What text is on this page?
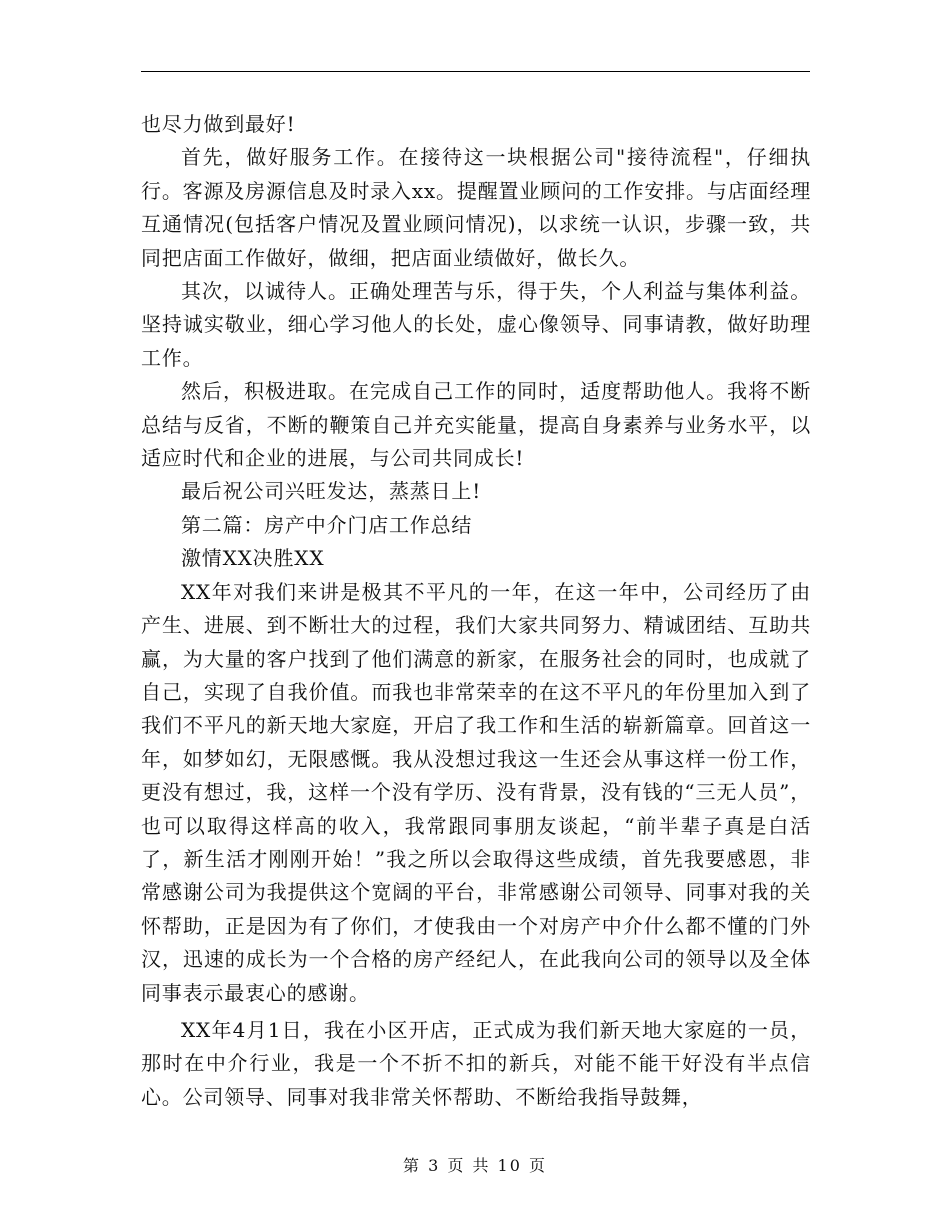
也尽力做到最好!

首先，做好服务工作。在接待这一块根据公司"接待流程"，仔细执行。客源及房源信息及时录入xx。提醒置业顾问的工作安排。与店面经理互通情况(包括客户情况及置业顾问情况)，以求统一认识，步骤一致，共同把店面工作做好，做细，把店面业绩做好，做长久。

其次，以诚待人。正确处理苦与乐，得于失，个人利益与集体利益。坚持诚实敬业，细心学习他人的长处，虚心像领导、同事请教，做好助理工作。

然后，积极进取。在完成自己工作的同时，适度帮助他人。我将不断总结与反省，不断的鞭策自己并充实能量，提高自身素养与业务水平，以适应时代和企业的进展，与公司共同成长!

最后祝公司兴旺发达，蒸蒸日上!

第二篇：房产中介门店工作总结

激情XX决胜XX

XX年对我们来讲是极其不平凡的一年，在这一年中，公司经历了由产生、进展、到不断壮大的过程，我们大家共同努力、精诚团结、互助共赢，为大量的客户找到了他们满意的新家，在服务社会的同时，也成就了自己，实现了自我价值。而我也非常荣幸的在这不平凡的年份里加入到了我们不平凡的新天地大家庭，开启了我工作和生活的崭新篇章。回首这一年，如梦如幻，无限感慨。我从没想过我这一生还会从事这样一份工作，更没有想过，我，这样一个没有学历、没有背景，没有钱的“三无人员”，也可以取得这样高的收入，我常跟同事朋友谈起，“前半辈子真是白活了，新生活才刚刚开始！”我之所以会取得这些成绩，首先我要感恩，非常感谢公司为我提供这个宽阔的平台，非常感谢公司领导、同事对我的关怀帮助，正是因为有了你们，才使我由一个对房产中介什么都不懂的门外汉，迅速的成长为一个合格的房产经纪人，在此我向公司的领导以及全体同事表示最衷心的感谢。

XX年4月1日，我在小区开店，正式成为我们新天地大家庭的一员，那时在中介行业，我是一个不折不扣的新兵，对能不能干好没有半点信心。公司领导、同事对我非常关怀帮助、不断给我指导鼓舞，

第 3 页 共 10 页
